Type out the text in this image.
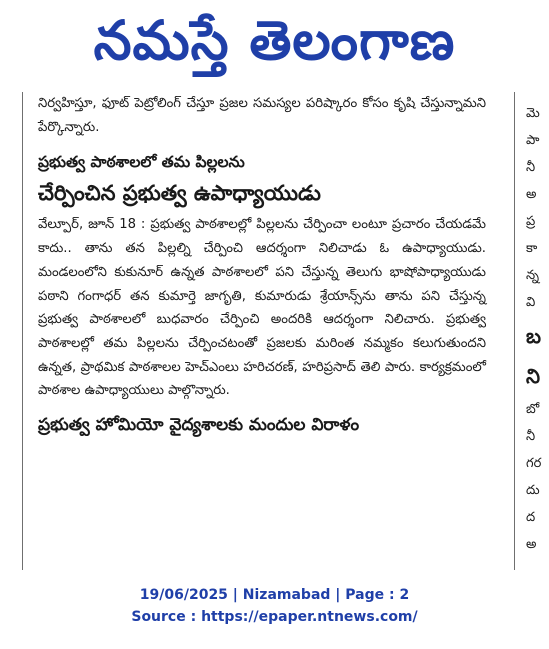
నమస్తే తెలంగాణ

నిర్వహిస్తూ, ఫూట్ పెట్రోలింగ్ చేస్తూ ప్రజల సమస్యల పరిష్కారం కోసం కృషి చేస్తున్నామని పేర్కొన్నారు.

ప్రభుత్వ పాఠశాలలో తమ పిల్లలను

చేర్పించిన ప్రభుత్వ ఉపాధ్యాయుడు

వేల్పూర్, జూన్ 18 : ప్రభుత్వ పాఠశాలల్లో పిల్లలను చేర్పించా లంటూ ప్రచారం చేయడమే కాదు.. తాను తన పిల్లల్ని చేర్పించి ఆదర్శంగా నిలిచాడు ఓ ఉపాధ్యాయుడు. మండలంలోని కుకునూర్ ఉన్నత పాఠశాలలో పని చేస్తున్న తెలుగు భాషోపాధ్యాయుడు పఠాని గంగాధర్ తన కుమార్తె జాగృతి, కుమారుడు శ్రేయాన్స్‌ను తాను పని చేస్తున్న ప్రభుత్వ పాఠశాలలో బుధవారం చేర్పించి అందరికి ఆదర్శంగా నిలిచారు. ప్రభుత్వ పాఠశాలల్లో తమ పిల్లలను చేర్పించటంతో ప్రజలకు మరింత నమ్మకం కలుగుతుందని ఉన్నత, ప్రాథమిక పాఠశాలల హెచ్ఎంలు హరిచరణ్, హరిప్రసాద్ తెలి పారు. కార్యక్రమంలో పాఠశాల ఉపాధ్యాయులు పాల్గొన్నారు.

ప్రభుత్వ హోమియో వైద్యశాలకు మందుల విరాళం

మె
పా
నీ
అ
ప్ర
కా
న్న
వి
బ
ని
బో
నీ
గర
దు
ద
అ
19/06/2025 | Nizamabad | Page : 2
Source : https://epaper.ntnews.com/
